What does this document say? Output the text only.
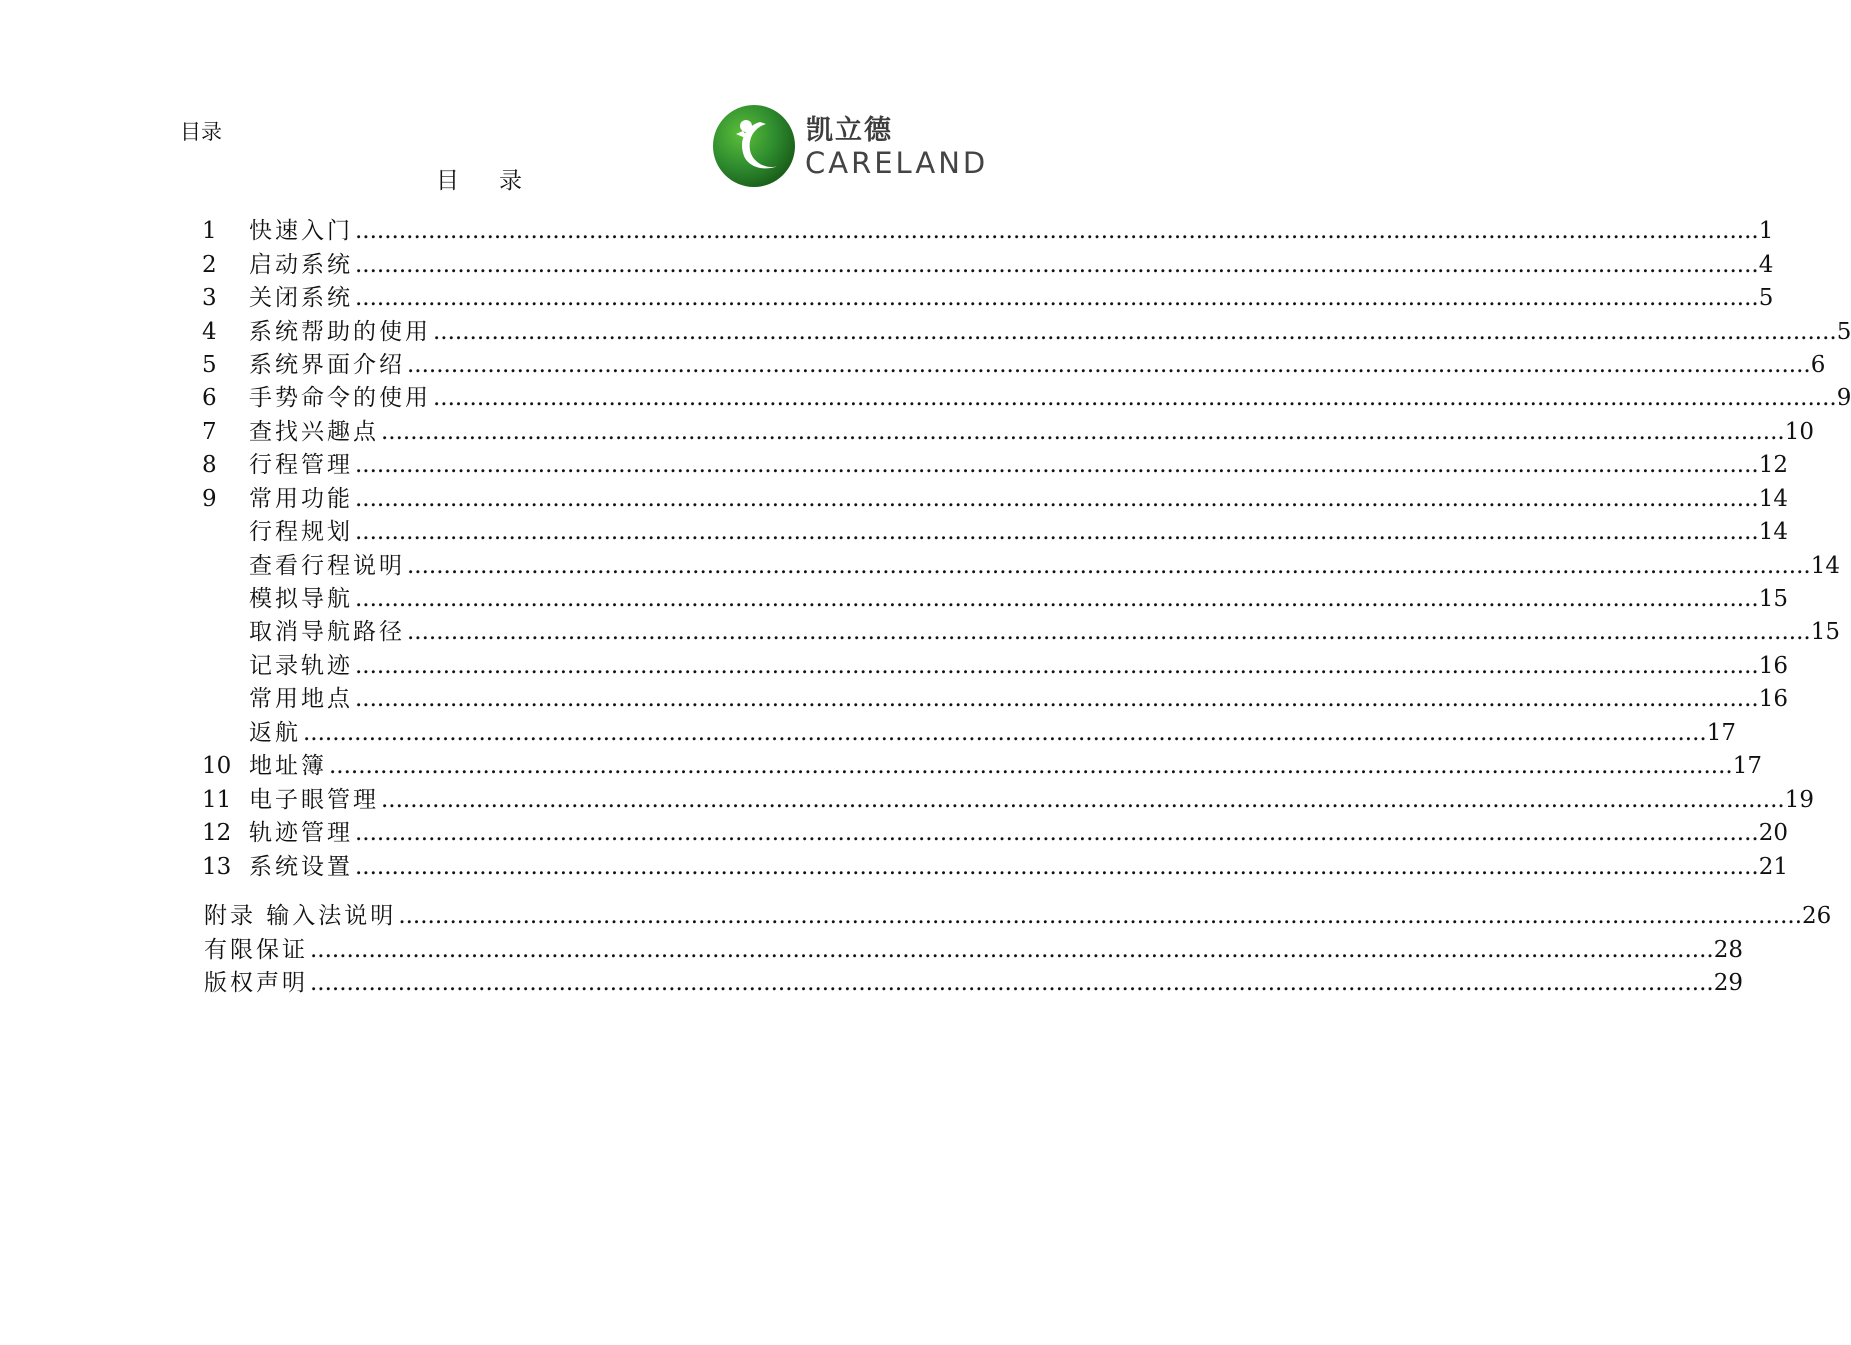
目录	凯立德
CARELAND
目录
1	快速入门 .....	1
2	启动系统 .....	4
3	关闭系统 .....	5
4	系统帮助的使用 .....	5
5	系统界面介绍 .....	6
6	手势命令的使用 .....	9
7	查找兴趣点 .....	10
8	行程管理 .....	12
9	常用功能 .....	14
行程规划 .....	14
查看行程说明 .....	14
模拟导航 .....	15
取消导航路径 .....	15
记录轨迹 .....	16
常用地点 .....	16
返航 .....	17
10 地址簿 .....	17
11 电子眼管理 .....	19
12 轨迹管理 .....	20
13 系统设置 .....	21
附录 输入法说明 .....	26
有限保证 .....	28
版权声明 .....	29
